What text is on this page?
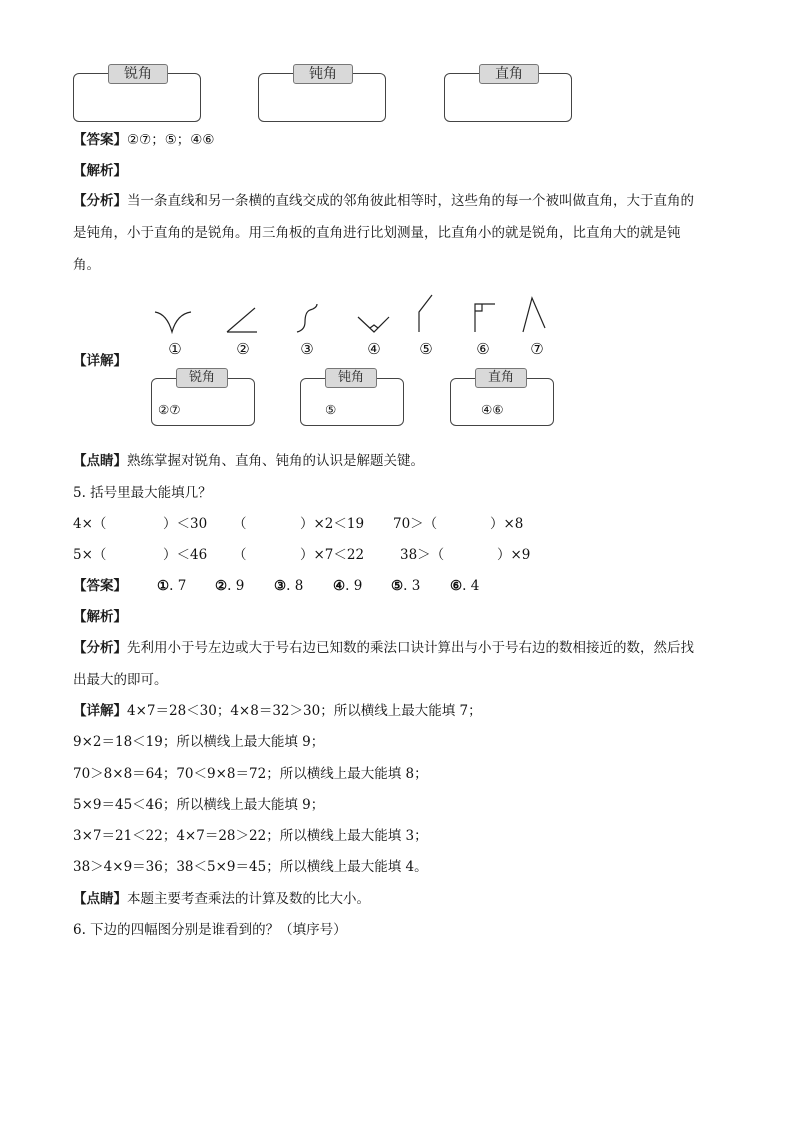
锐角	钝角	直角
【答案】②⑦；⑤；④⑥
【解析】
【分析】当一条直线和另一条横的直线交成的邻角彼此相等时，这些角的每一个被叫做直角，大于直角的
是钝角，小于直角的是锐角。用三角板的直角进行比划测量，比直角小的就是锐角，比直角大的就是钝
角。
【详解】
①	②	③	④	⑤	⑥	⑦
锐角
②⑦
钝角
⑤
直角
④⑥
【点睛】熟练掌握对锐角、直角、钝角的认识是解题关键。
5. 括号里最大能填几？
4×（	）＜30 （	）×2＜19 70＞（	）×8
5×（	）＜46 （	）×7＜22	38＞（	）×9
【答案】 ①. 7 ②. 9 ③. 8 ④. 9 ⑤. 3 ⑥. 4
【解析】
【分析】先利用小于号左边或大于号右边已知数的乘法口诀计算出与小于号右边的数相接近的数，然后找
出最大的即可。
【详解】4×7＝28＜30；4×8＝32＞30；所以横线上最大能填 7；
9×2＝18＜19；所以横线上最大能填 9；
70＞8×8＝64；70＜9×8＝72；所以横线上最大能填 8；
5×9＝45＜46；所以横线上最大能填 9；
3×7＝21＜22；4×7＝28＞22；所以横线上最大能填 3；
38＞4×9＝36；38＜5×9＝45；所以横线上最大能填 4。
【点睛】本题主要考查乘法的计算及数的比大小。
6. 下边的四幅图分别是谁看到的？（填序号）
